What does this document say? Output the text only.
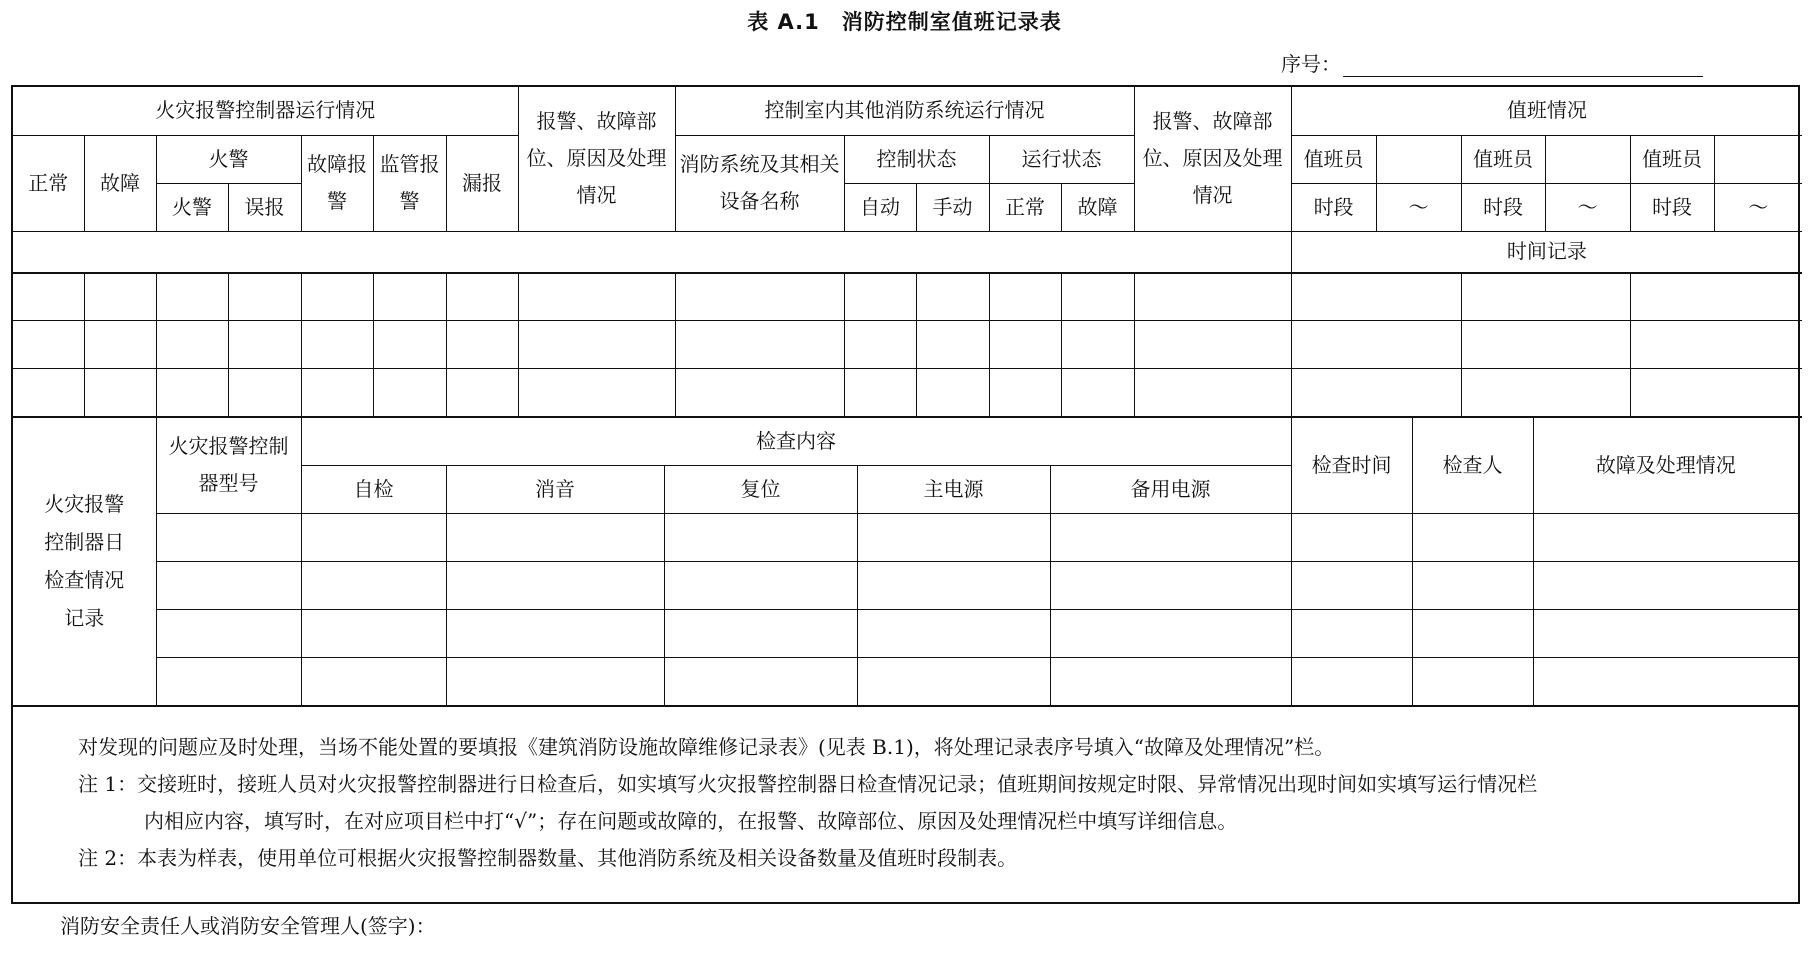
表 A.1　消防控制室值班记录表
序号：
火灾报警控制器运行情况							报警、故障部位、原因及处理情况	控制室内其他消防系统运行情况					报警、故障部位、原因及处理情况	值班情况					
正常	故障	火警		故障报警	监管报警	漏报		消防系统及其相关设备名称	控制状态		运行状态			值班员		值班员		值班员	
		火警	误报						自动	手动	正常	故障		时段	～	时段	～	时段	～
														时间记录					

火灾报警控制器日检查情况记录	火灾报警控制器型号	检查内容					检查时间	检查人	故障及处理情况
		自检	消音	复位	主电源	备用电源			

对发现的问题应及时处理，当场不能处置的要填报《建筑消防设施故障维修记录表》(见表 B.1)，将处理记录表序号填入“故障及处理情况”栏。

注 1：交接班时，接班人员对火灾报警控制器进行日检查后，如实填写火灾报警控制器日检查情况记录；值班期间按规定时限、异常情况出现时间如实填写运行情况栏

内相应内容，填写时，在对应项目栏中打“√”；存在问题或故障的，在报警、故障部位、原因及处理情况栏中填写详细信息。

注 2：本表为样表，使用单位可根据火灾报警控制器数量、其他消防系统及相关设备数量及值班时段制表。

消防安全责任人或消防安全管理人(签字)：
